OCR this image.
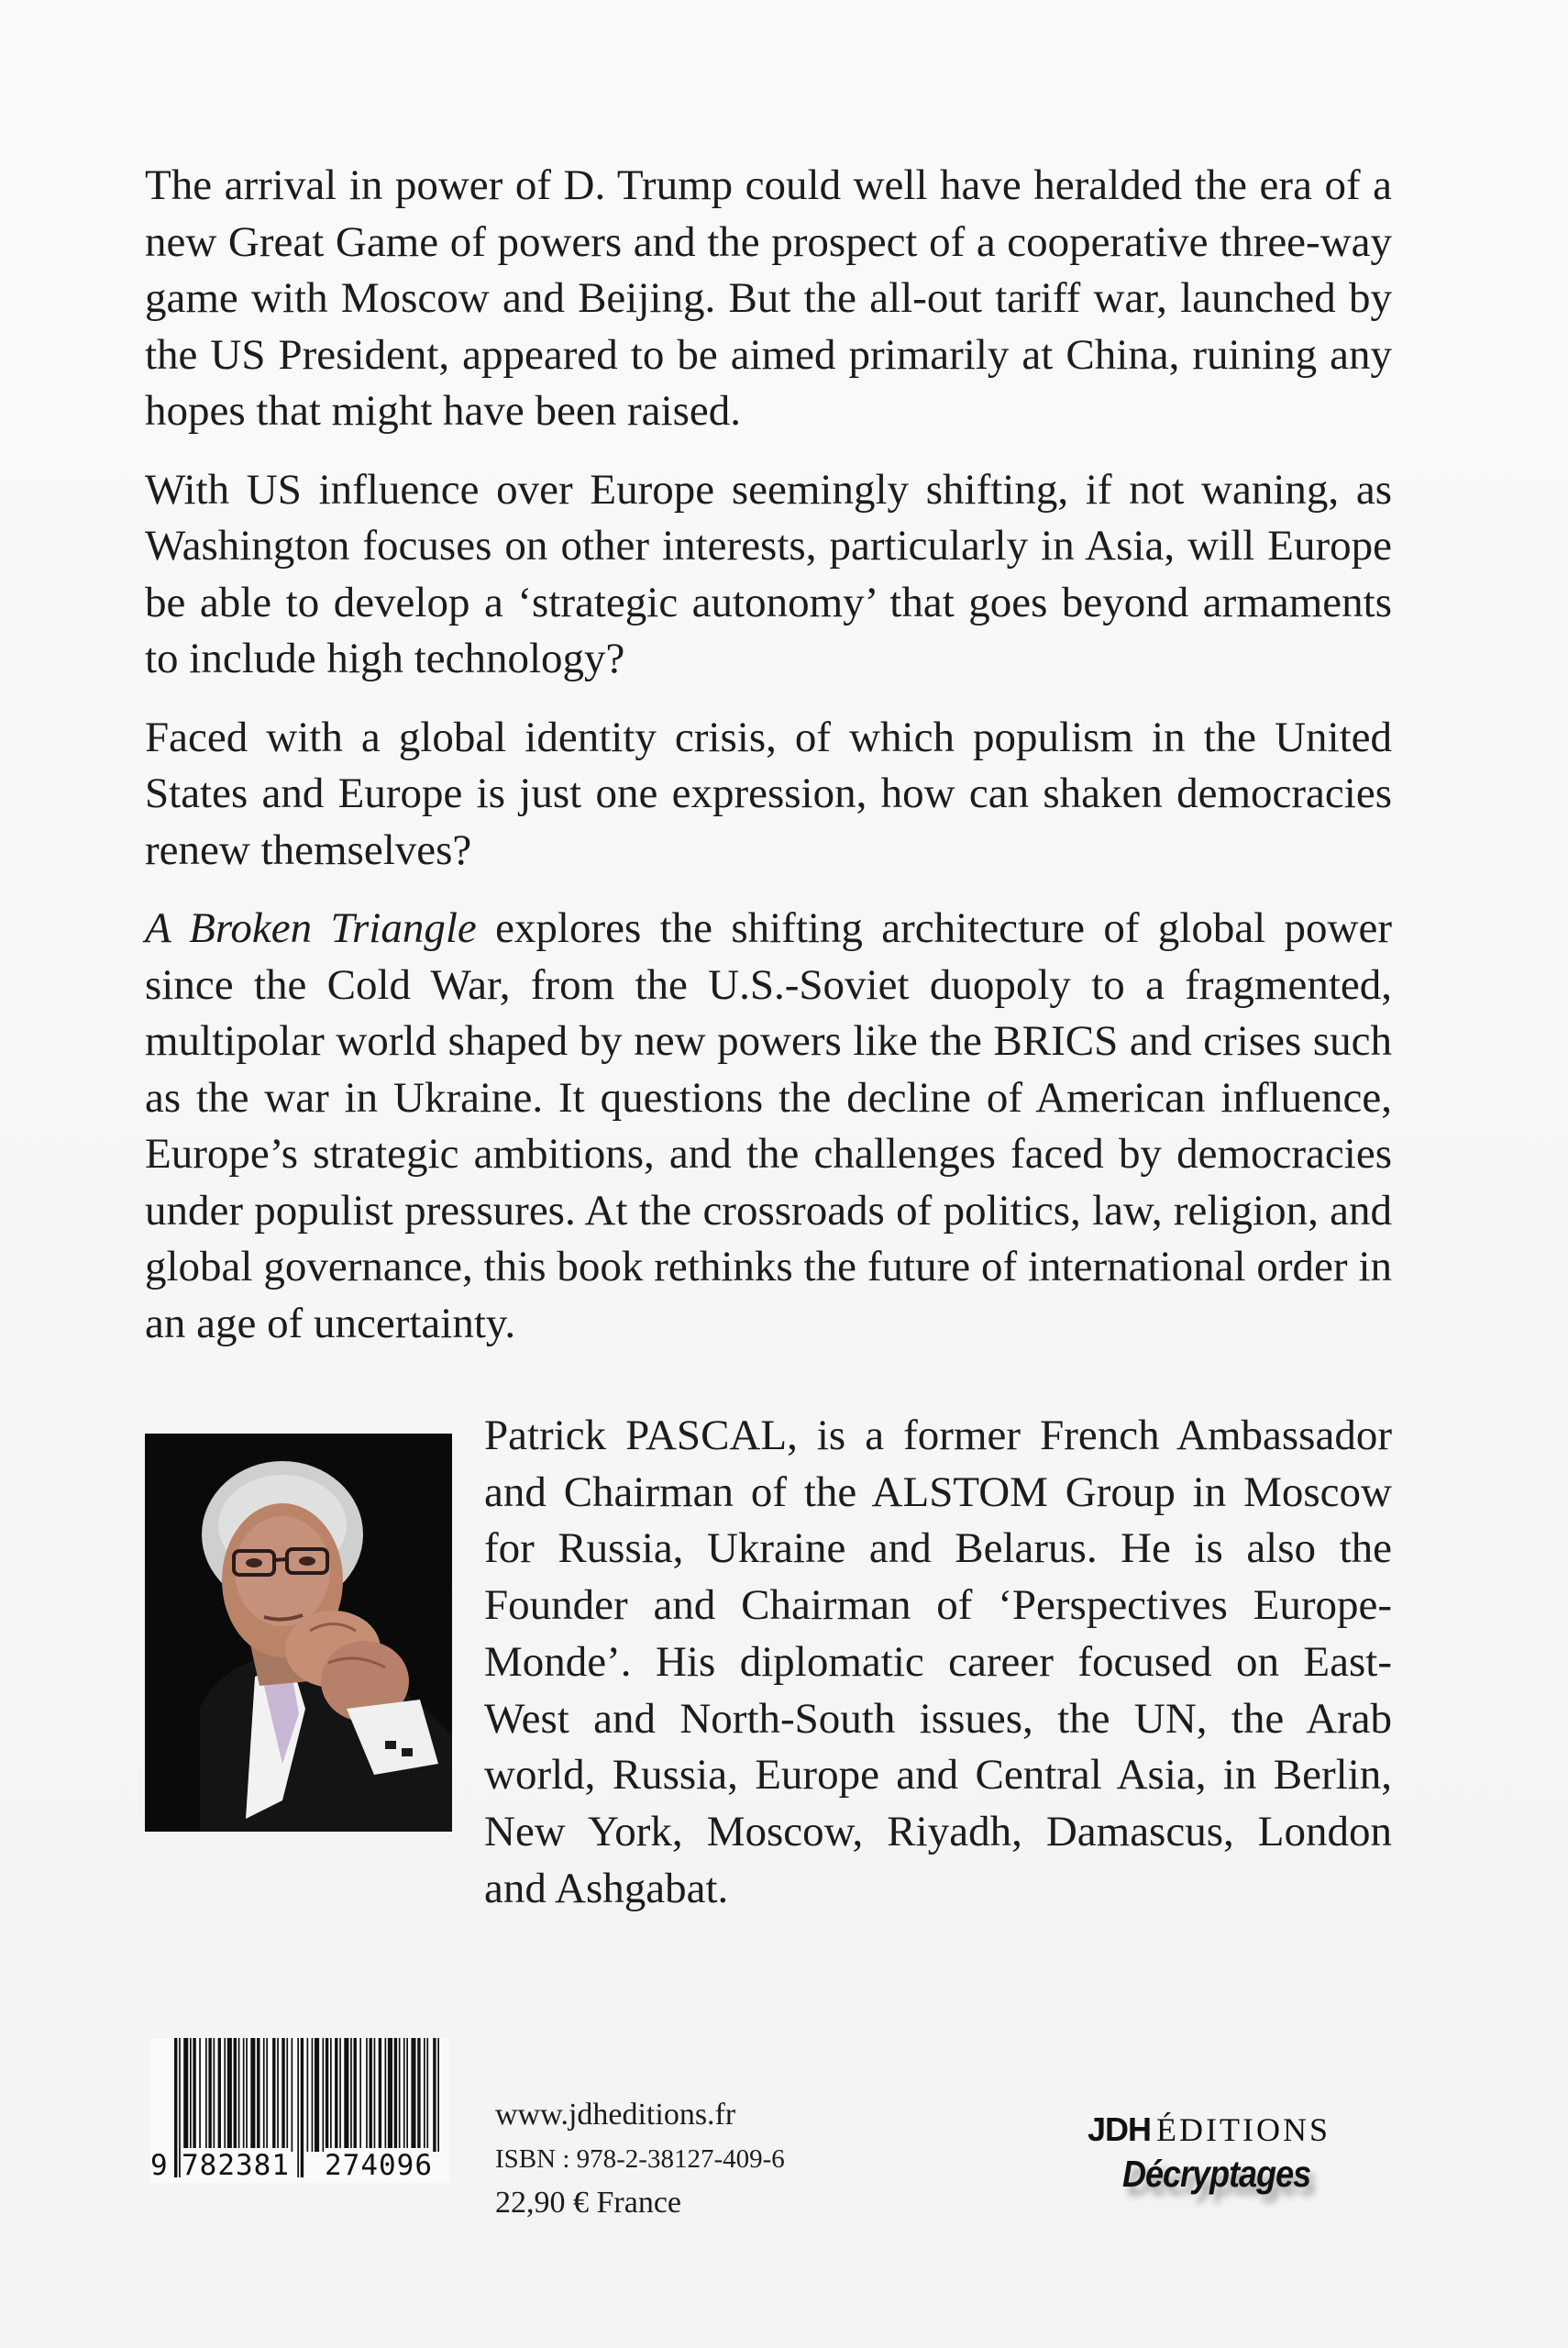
The arrival in power of D. Trump could well have heralded the era of a new Great Game of powers and the prospect of a cooperative three-way game with Moscow and Beijing. But the all-out tariff war, launched by the US President, appeared to be aimed primarily at China, ruining any hopes that might have been raised.

With US influence over Europe seemingly shifting, if not waning, as Washington focuses on other interests, particularly in Asia, will Europe be able to develop a ‘strategic autonomy’ that goes beyond armaments to include high technology?

Faced with a global identity crisis, of which populism in the United States and Europe is just one expression, how can shaken democracies renew themselves?

A Broken Triangle explores the shifting architecture of global power since the Cold War, from the U.S.-Soviet duopoly to a fragmented, multipolar world shaped by new powers like the BRICS and crises such as the war in Ukraine. It questions the decline of American influence, Europe’s strategic ambitions, and the challenges faced by democracies under populist pressures. At the crossroads of politics, law, religion, and global governance, this book rethinks the future of international order in an age of uncertainty.

Patrick PASCAL, is a former French Ambassador and Chairman of the ALSTOM Group in Moscow for Russia, Ukraine and Belarus. He is also the Founder and Chairman of ‘Perspectives Europe-Monde’. His diplomatic career focused on East-West and North-South issues, the UN, the Arab world, Russia, Europe and Central Asia, in Berlin, New York, Moscow, Riyadh, Damascus, London and Ashgabat.

9 782381 274096

www.jdheditions.fr

ISBN : 978-2-38127-409-6

22,90 € France

JDH ÉDITIONS
Décryptages
